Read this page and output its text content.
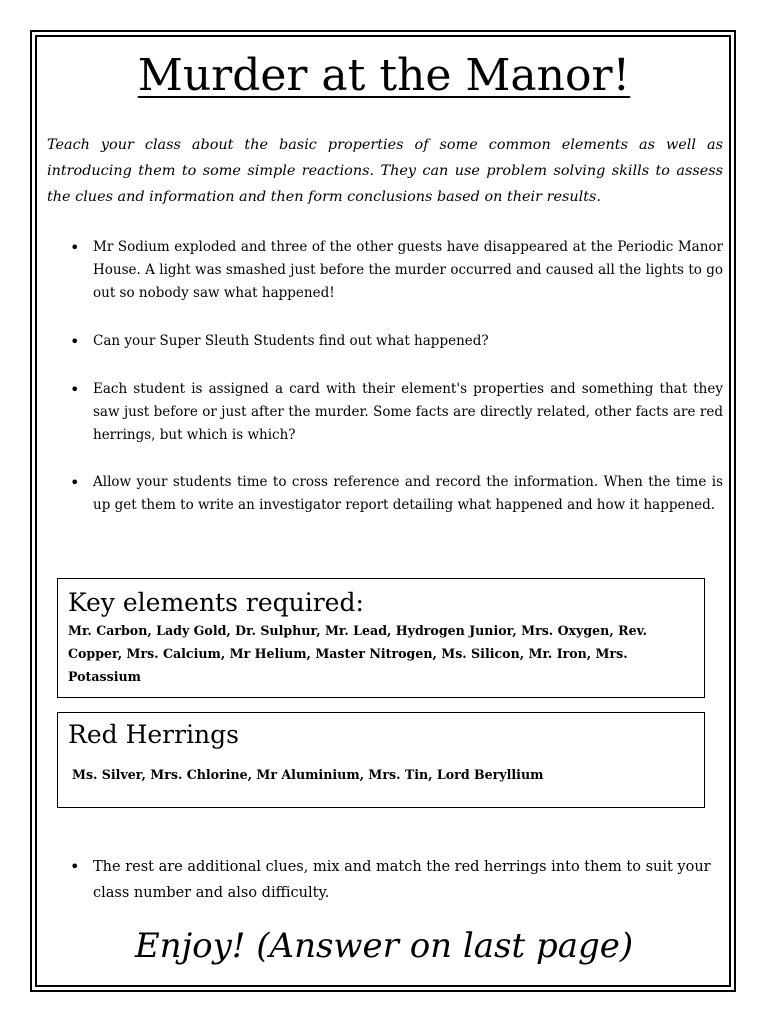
Murder at the Manor!
Teach your class about the basic properties of some common elements as well as introducing them to some simple reactions. They can use problem solving skills to assess the clues and information and then form conclusions based on their results.
• Mr Sodium exploded and three of the other guests have disappeared at the Periodic Manor House. A light was smashed just before the murder occurred and caused all the lights to go out so nobody saw what happened!
• Can your Super Sleuth Students find out what happened?
• Each student is assigned a card with their element's properties and something that they saw just before or just after the murder. Some facts are directly related, other facts are red herrings, but which is which?
• Allow your students time to cross reference and record the information. When the time is up get them to write an investigator report detailing what happened and how it happened.
Key elements required:
Mr. Carbon, Lady Gold, Dr. Sulphur, Mr. Lead, Hydrogen Junior, Mrs. Oxygen, Rev. Copper, Mrs. Calcium, Mr Helium, Master Nitrogen, Ms. Silicon, Mr. Iron, Mrs. Potassium
Red Herrings
Ms. Silver, Mrs. Chlorine, Mr Aluminium, Mrs. Tin, Lord Beryllium
• The rest are additional clues, mix and match the red herrings into them to suit your class number and also difficulty.
Enjoy! (Answer on last page)
